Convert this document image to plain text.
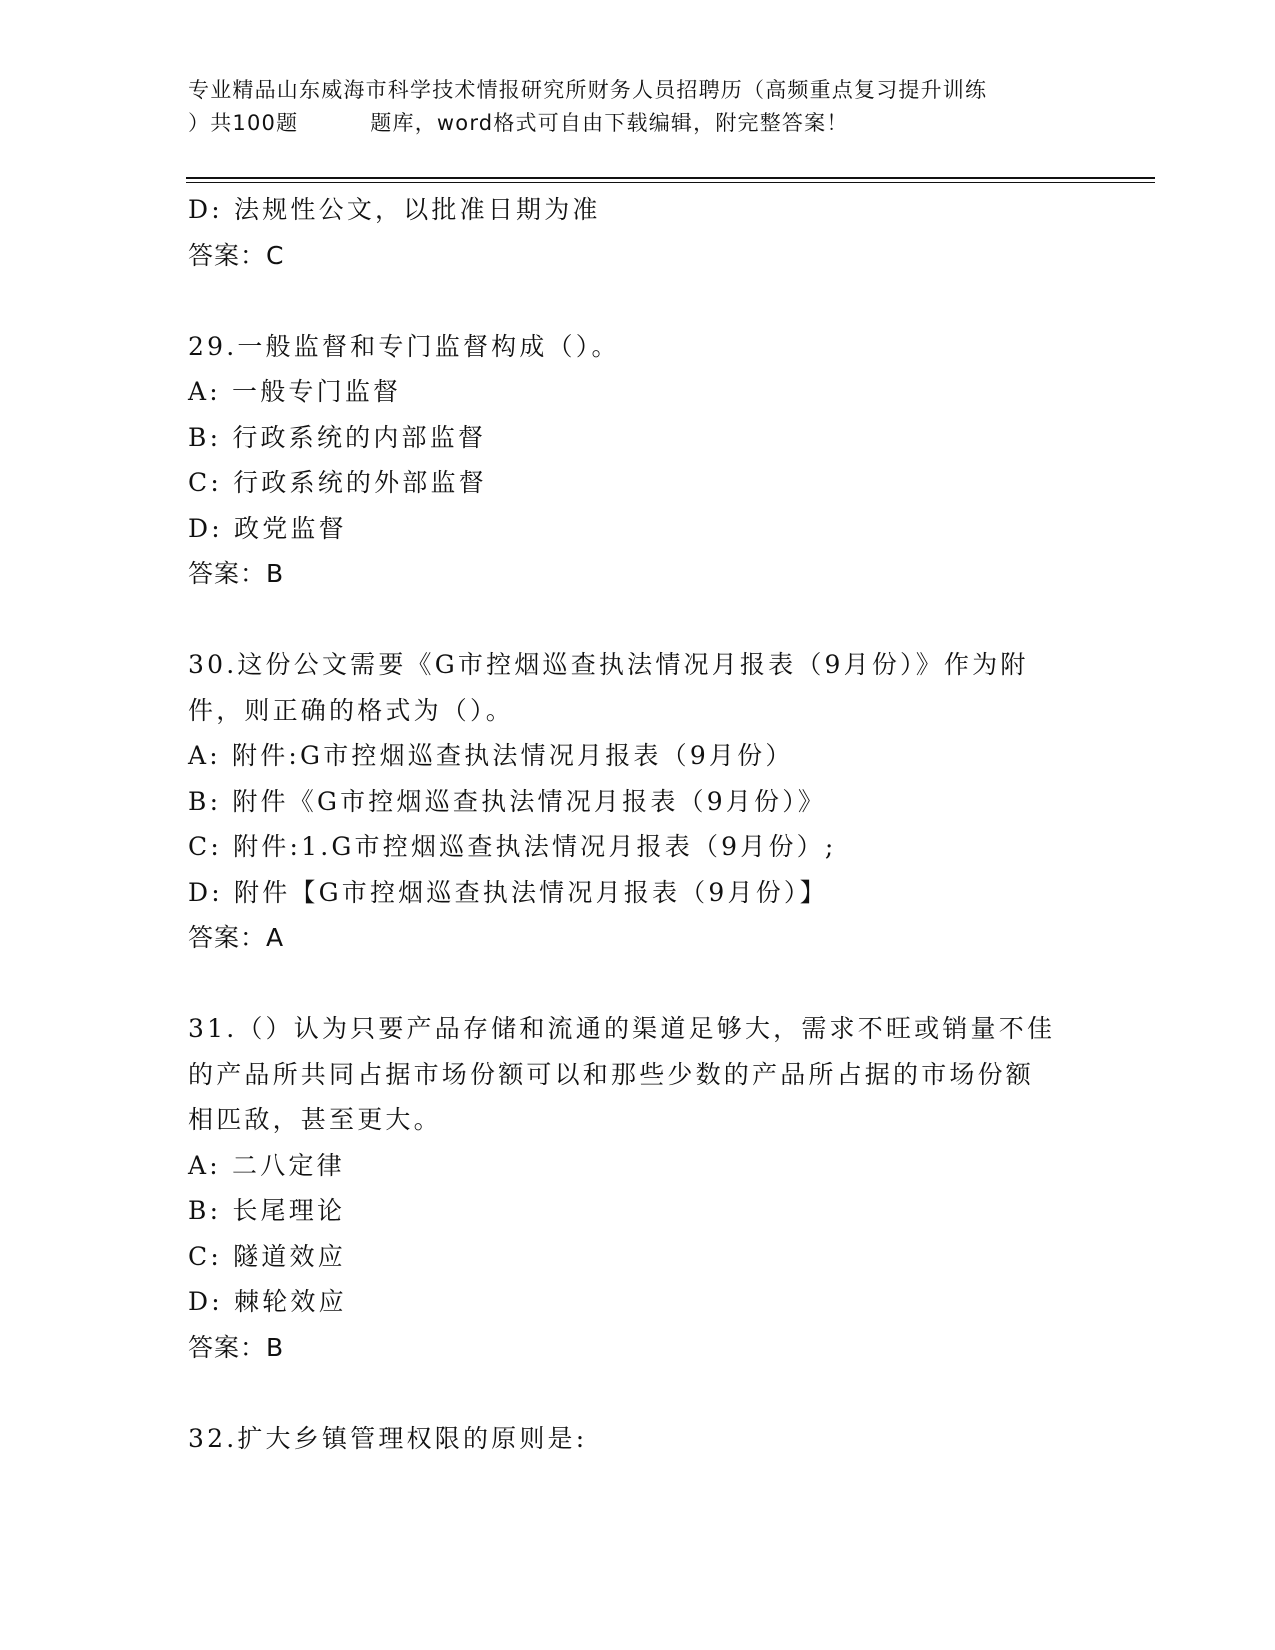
专业精品山东威海市科学技术情报研究所财务人员招聘历（高频重点复习提升训练
）共100题	题库，word格式可自由下载编辑，附完整答案！
D: 法规性公文，以批准日期为准
答案：C
29.一般监督和专门监督构成（）。
A: 一般专门监督
B: 行政系统的内部监督
C: 行政系统的外部监督
D: 政党监督
答案：B
30.这份公文需要《G市控烟巡查执法情况月报表（9月份）》作为附
件，则正确的格式为（）。
A: 附件:G市控烟巡查执法情况月报表（9月份）
B: 附件《G市控烟巡查执法情况月报表（9月份）》
C: 附件:1.G市控烟巡查执法情况月报表（9月份）;
D: 附件【G市控烟巡查执法情况月报表（9月份）】
答案：A
31.（）认为只要产品存储和流通的渠道足够大，需求不旺或销量不佳
的产品所共同占据市场份额可以和那些少数的产品所占据的市场份额
相匹敌，甚至更大。
A: 二八定律
B: 长尾理论
C: 隧道效应
D: 棘轮效应
答案：B
32.扩大乡镇管理权限的原则是:
